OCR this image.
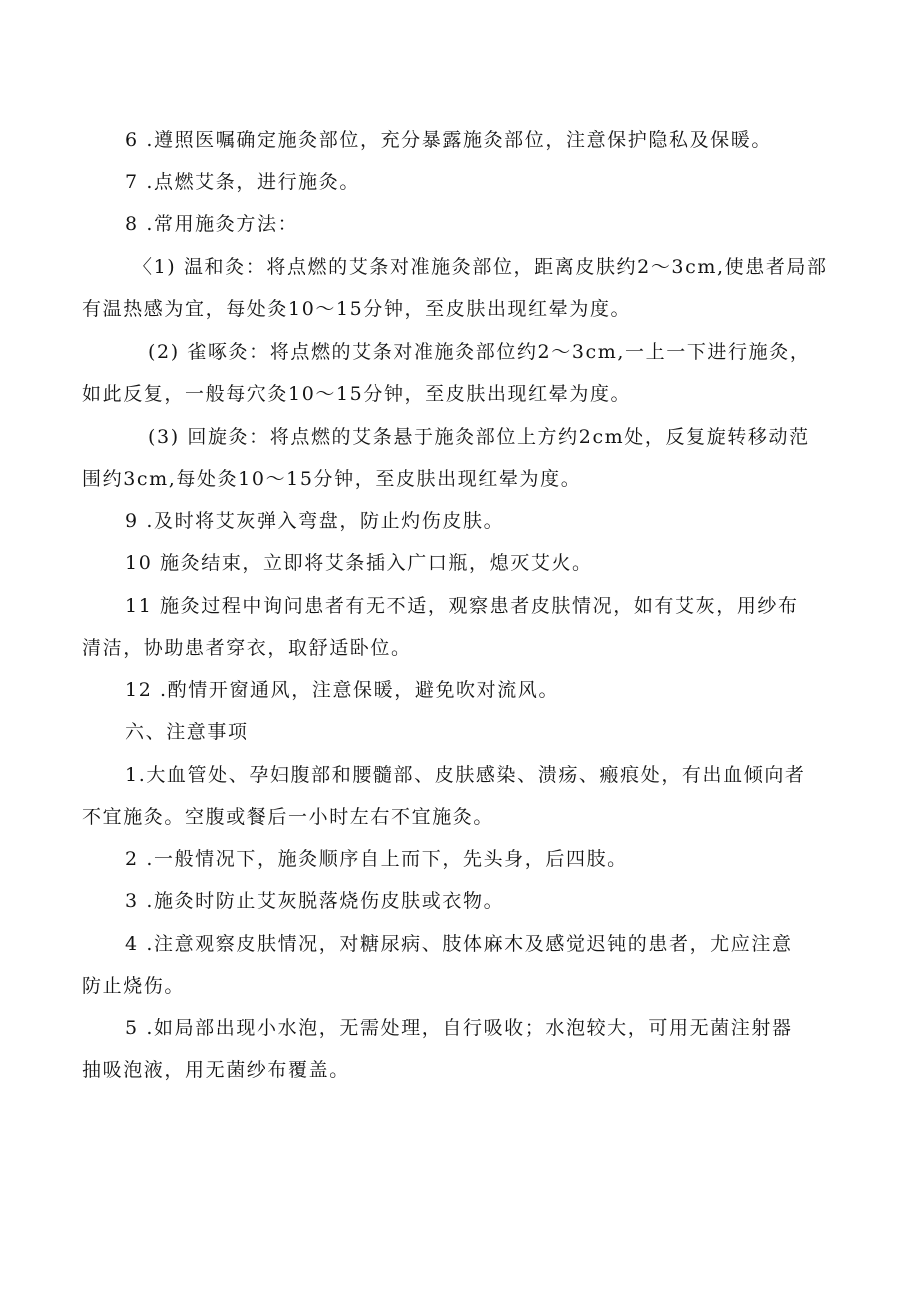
6 .遵照医嘱确定施灸部位，充分暴露施灸部位，注意保护隐私及保暖。
7 .点燃艾条，进行施灸。
8 .常用施灸方法：
〈1) 温和灸：将点燃的艾条对准施灸部位，距离皮肤约2～3cm,使患者局部
有温热感为宜，每处灸10～15分钟，至皮肤出现红晕为度。
(2) 雀啄灸：将点燃的艾条对准施灸部位约2～3cm,一上一下进行施灸，
如此反复，一般每穴灸10～15分钟，至皮肤出现红晕为度。
(3) 回旋灸：将点燃的艾条悬于施灸部位上方约2cm处，反复旋转移动范
围约3cm,每处灸10～15分钟，至皮肤出现红晕为度。
9 .及时将艾灰弹入弯盘，防止灼伤皮肤。
10 施灸结束，立即将艾条插入广口瓶，熄灭艾火。
11 施灸过程中询问患者有无不适，观察患者皮肤情况，如有艾灰，用纱布
清洁，协助患者穿衣，取舒适卧位。
12 .酌情开窗通风，注意保暖，避免吹对流风。
六、注意事项
1.大血管处、孕妇腹部和腰髓部、皮肤感染、溃疡、瘢痕处，有出血倾向者
不宜施灸。空腹或餐后一小时左右不宜施灸。
2 .一般情况下，施灸顺序自上而下，先头身，后四肢。
3 .施灸时防止艾灰脱落烧伤皮肤或衣物。
4 .注意观察皮肤情况，对糖尿病、肢体麻木及感觉迟钝的患者，尤应注意
防止烧伤。
5 .如局部出现小水泡，无需处理，自行吸收；水泡较大，可用无菌注射器
抽吸泡液，用无菌纱布覆盖。
